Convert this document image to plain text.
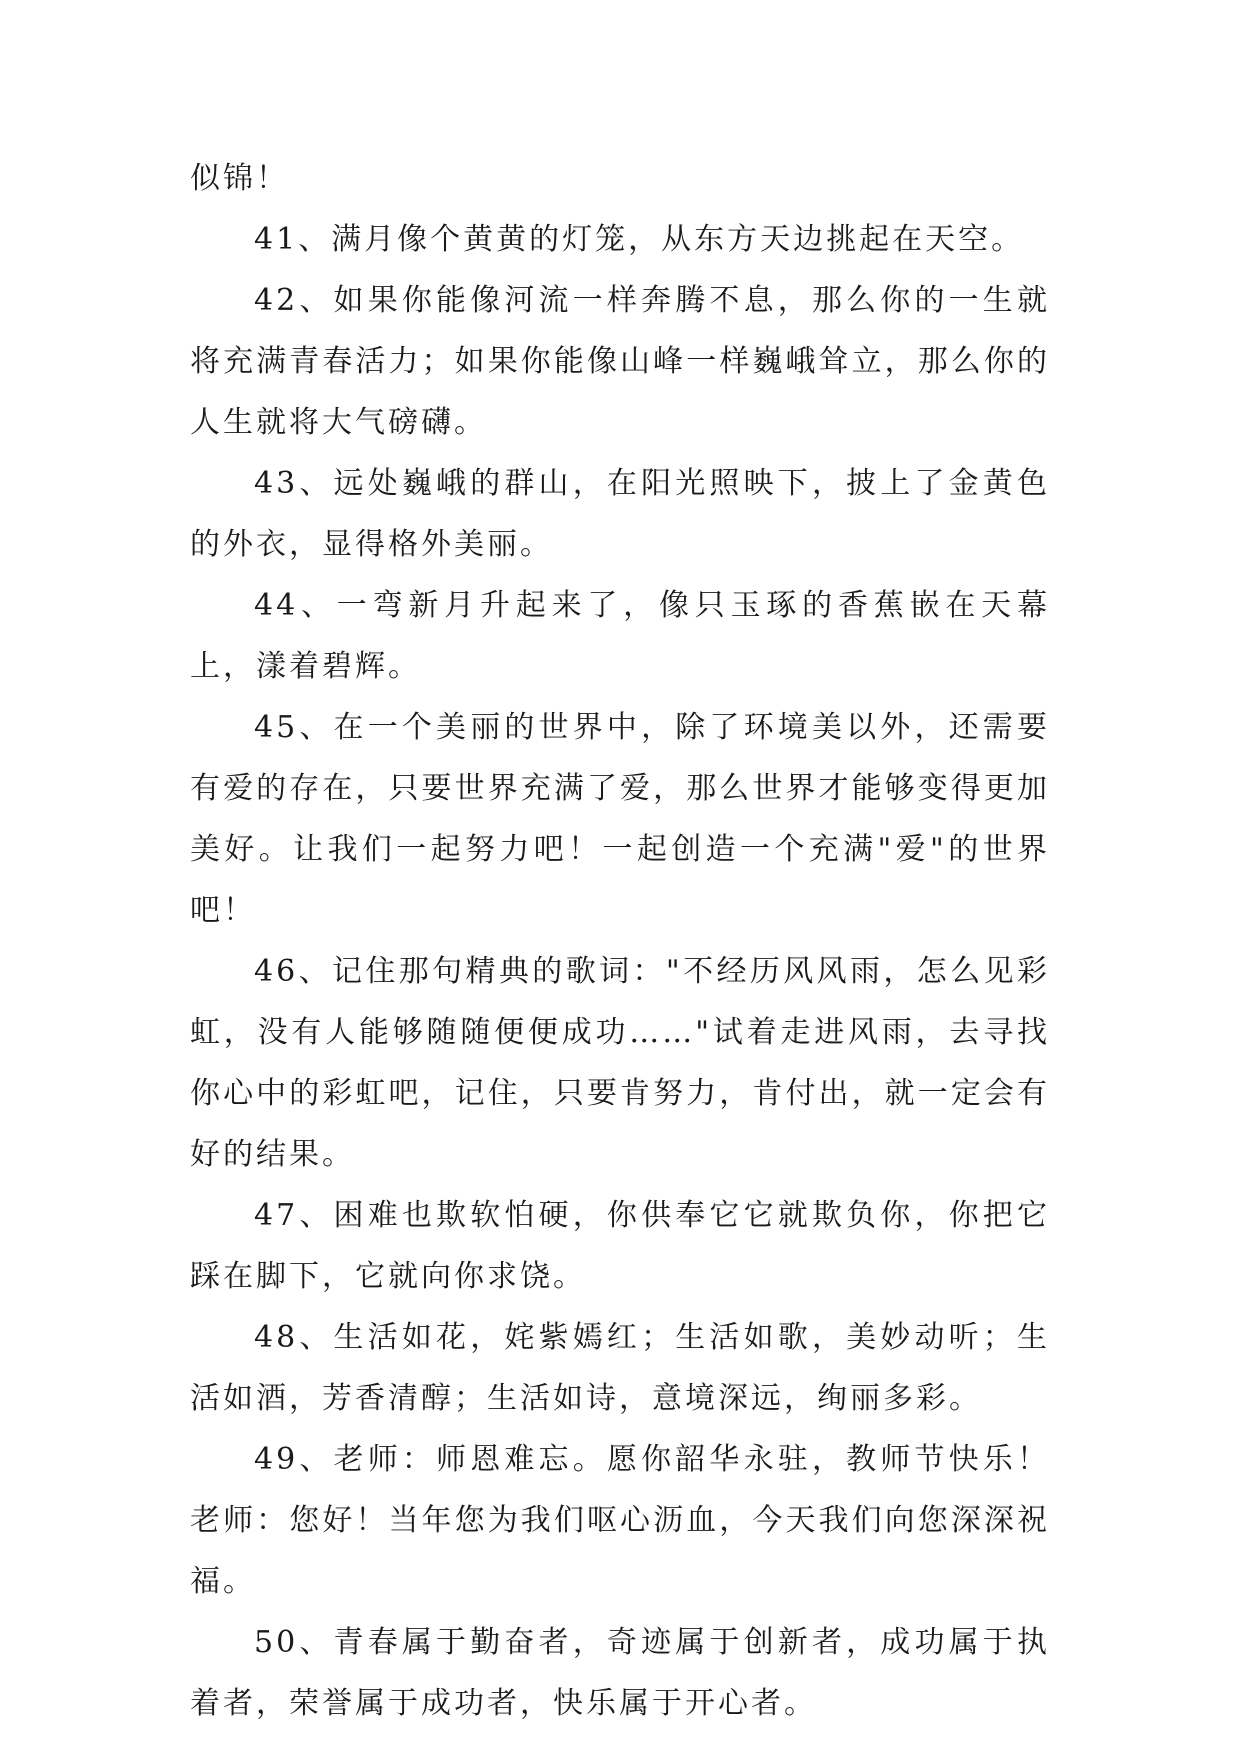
似锦！

41、满月像个黄黄的灯笼，从东方天边挑起在天空。

42、如果你能像河流一样奔腾不息，那么你的一生就将充满青春活力；如果你能像山峰一样巍峨耸立，那么你的人生就将大气磅礴。

43、远处巍峨的群山，在阳光照映下，披上了金黄色的外衣，显得格外美丽。

44、一弯新月升起来了，像只玉琢的香蕉嵌在天幕上，漾着碧辉。

45、在一个美丽的世界中，除了环境美以外，还需要有爱的存在，只要世界充满了爱，那么世界才能够变得更加美好。让我们一起努力吧！一起创造一个充满"爱"的世界吧！

46、记住那句精典的歌词："不经历风风雨，怎么见彩虹，没有人能够随随便便成功……"试着走进风雨，去寻找你心中的彩虹吧，记住，只要肯努力，肯付出，就一定会有好的结果。

47、困难也欺软怕硬，你供奉它它就欺负你，你把它踩在脚下，它就向你求饶。

48、生活如花，姹紫嫣红；生活如歌，美妙动听；生活如酒，芳香清醇；生活如诗，意境深远，绚丽多彩。

49、老师：师恩难忘。愿你韶华永驻，教师节快乐！老师：您好！当年您为我们呕心沥血，今天我们向您深深祝福。

50、青春属于勤奋者，奇迹属于创新者，成功属于执着者，荣誉属于成功者，快乐属于开心者。
